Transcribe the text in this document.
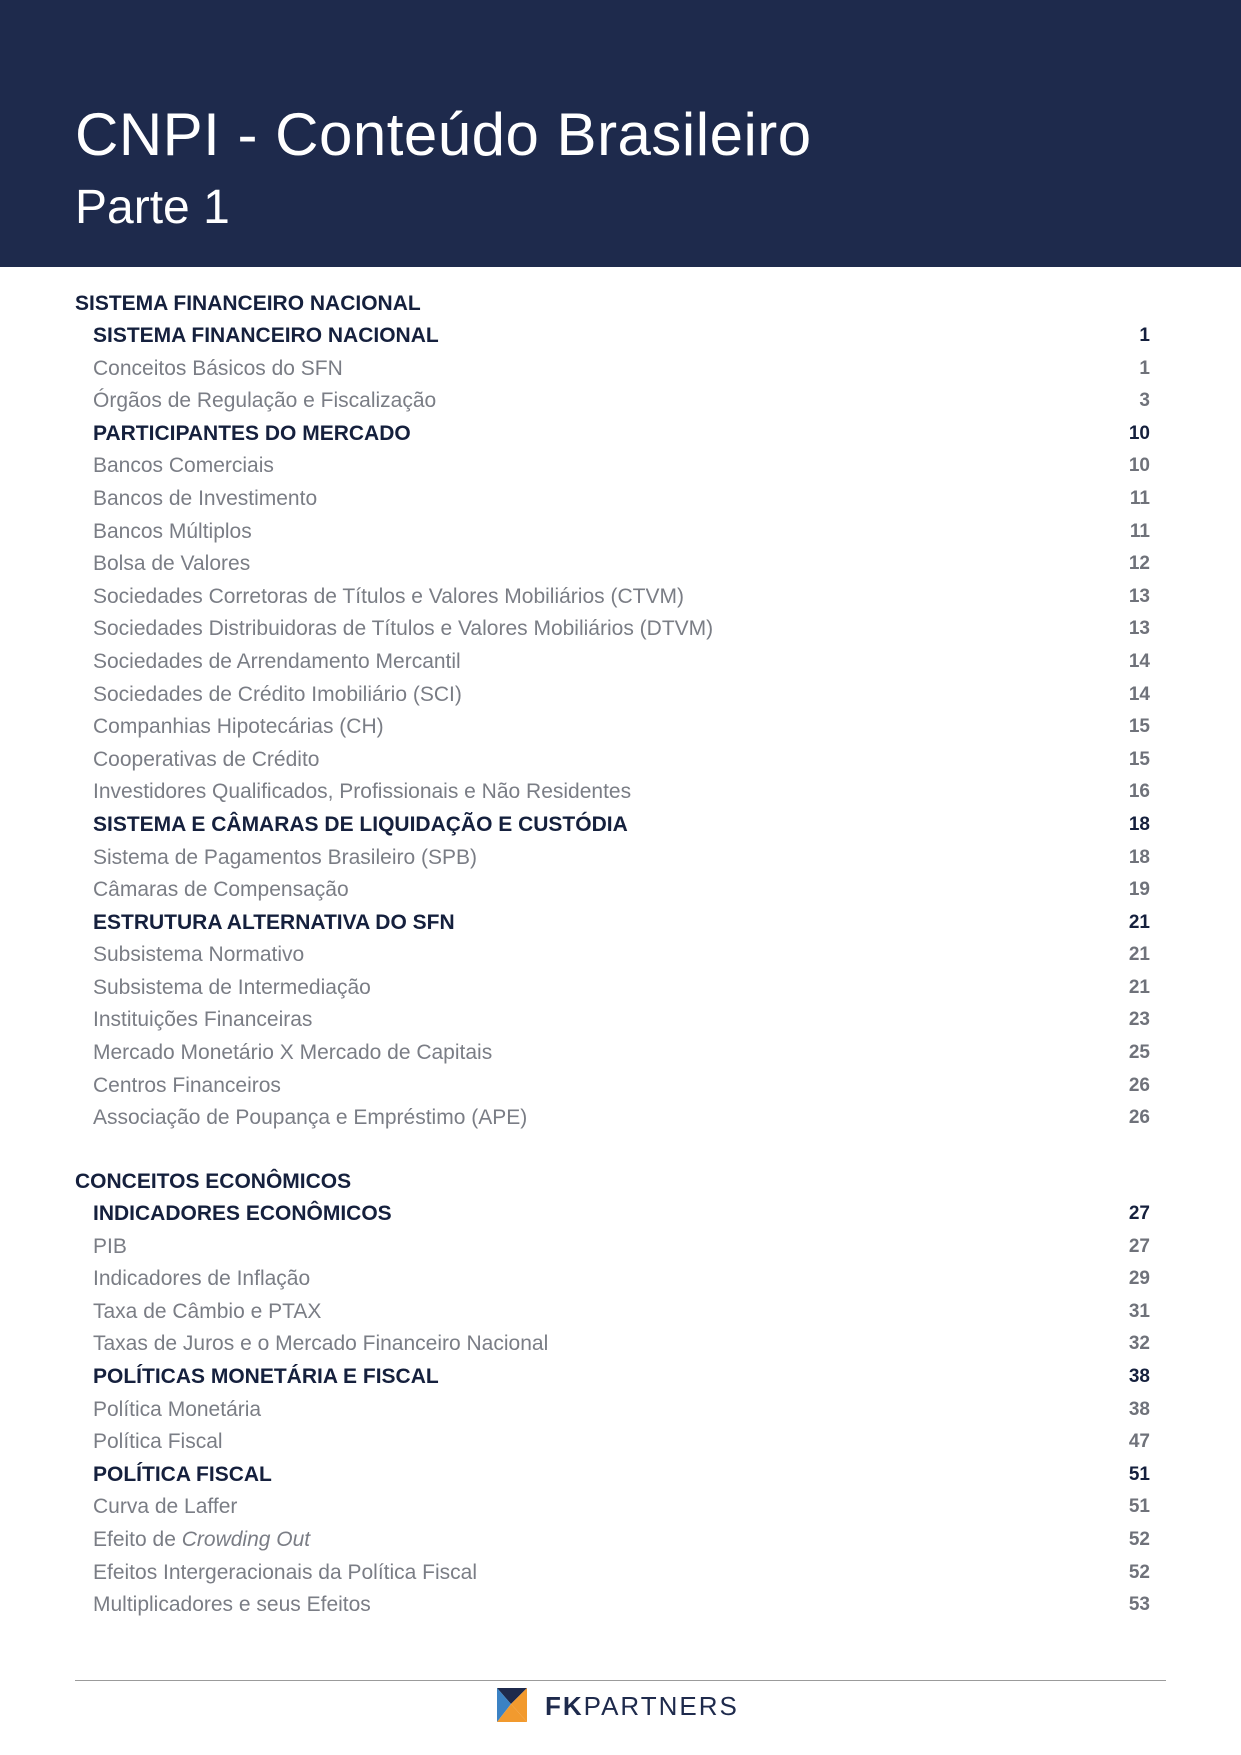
CNPI - Conteúdo Brasileiro
Parte 1
SISTEMA FINANCEIRO NACIONAL
SISTEMA FINANCEIRO NACIONAL	1
Conceitos Básicos do SFN	1
Órgãos de Regulação e Fiscalização	3
PARTICIPANTES DO MERCADO	10
Bancos Comerciais	10
Bancos de Investimento	11
Bancos Múltiplos	11
Bolsa de Valores	12
Sociedades Corretoras de Títulos e Valores Mobiliários (CTVM)	13
Sociedades Distribuidoras de Títulos e Valores Mobiliários (DTVM)	13
Sociedades de Arrendamento Mercantil	14
Sociedades de Crédito Imobiliário (SCI)	14
Companhias Hipotecárias (CH)	15
Cooperativas de Crédito	15
Investidores Qualificados, Profissionais e Não Residentes	16
SISTEMA E CÂMARAS DE LIQUIDAÇÃO E CUSTÓDIA	18
Sistema de Pagamentos Brasileiro (SPB)	18
Câmaras de Compensação	19
ESTRUTURA ALTERNATIVA DO SFN	21
Subsistema Normativo	21
Subsistema de Intermediação	21
Instituições Financeiras	23
Mercado Monetário X Mercado de Capitais	25
Centros Financeiros	26
Associação de Poupança e Empréstimo (APE)	26
CONCEITOS ECONÔMICOS
INDICADORES ECONÔMICOS	27
PIB	27
Indicadores de Inflação	29
Taxa de Câmbio e PTAX	31
Taxas de Juros e o Mercado Financeiro Nacional	32
POLÍTICAS MONETÁRIA E FISCAL	38
Política Monetária	38
Política Fiscal	47
POLÍTICA FISCAL	51
Curva de Laffer	51
Efeito de Crowding Out	52
Efeitos Intergeracionais da Política Fiscal	52
Multiplicadores e seus Efeitos	53
FKPARTNERS
